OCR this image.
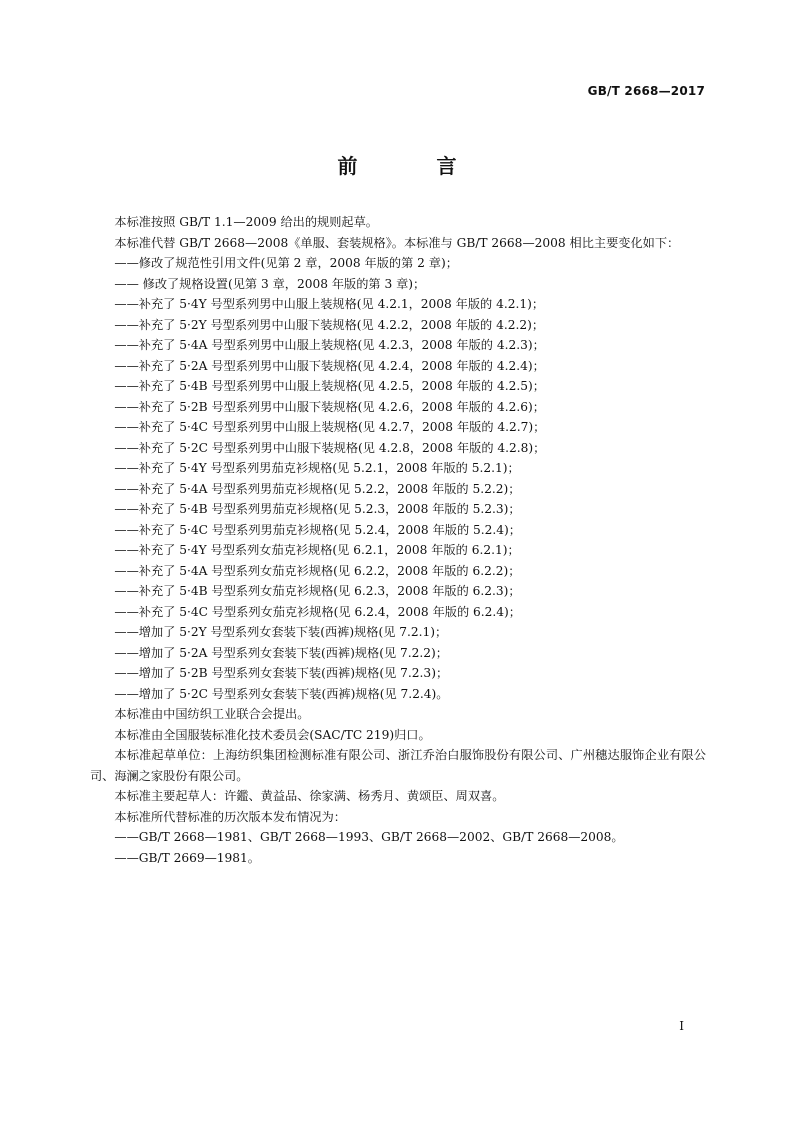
GB/T 2668—2017
前 言

本标准按照 GB/T 1.1—2009 给出的规则起草。

本标准代替 GB/T 2668—2008《单服、套装规格》。本标准与 GB/T 2668—2008 相比主要变化如下：

——修改了规范性引用文件(见第 2 章，2008 年版的第 2 章)；

—— 修改了规格设置(见第 3 章，2008 年版的第 3 章)；

——补充了 5·4Y 号型系列男中山服上装规格(见 4.2.1，2008 年版的 4.2.1)；

——补充了 5·2Y 号型系列男中山服下装规格(见 4.2.2，2008 年版的 4.2.2)；

——补充了 5·4A 号型系列男中山服上装规格(见 4.2.3，2008 年版的 4.2.3)；

——补充了 5·2A 号型系列男中山服下装规格(见 4.2.4，2008 年版的 4.2.4)；

——补充了 5·4B 号型系列男中山服上装规格(见 4.2.5，2008 年版的 4.2.5)；

——补充了 5·2B 号型系列男中山服下装规格(见 4.2.6，2008 年版的 4.2.6)；

——补充了 5·4C 号型系列男中山服上装规格(见 4.2.7，2008 年版的 4.2.7)；

——补充了 5·2C 号型系列男中山服下装规格(见 4.2.8，2008 年版的 4.2.8)；

——补充了 5·4Y 号型系列男茄克衫规格(见 5.2.1，2008 年版的 5.2.1)；

——补充了 5·4A 号型系列男茄克衫规格(见 5.2.2，2008 年版的 5.2.2)；

——补充了 5·4B 号型系列男茄克衫规格(见 5.2.3，2008 年版的 5.2.3)；

——补充了 5·4C 号型系列男茄克衫规格(见 5.2.4，2008 年版的 5.2.4)；

——补充了 5·4Y 号型系列女茄克衫规格(见 6.2.1，2008 年版的 6.2.1)；

——补充了 5·4A 号型系列女茄克衫规格(见 6.2.2，2008 年版的 6.2.2)；

——补充了 5·4B 号型系列女茄克衫规格(见 6.2.3，2008 年版的 6.2.3)；

——补充了 5·4C 号型系列女茄克衫规格(见 6.2.4，2008 年版的 6.2.4)；

——增加了 5·2Y 号型系列女套装下装(西裤)规格(见 7.2.1)；

——增加了 5·2A 号型系列女套装下装(西裤)规格(见 7.2.2)；

——增加了 5·2B 号型系列女套装下装(西裤)规格(见 7.2.3)；

——增加了 5·2C 号型系列女套装下装(西裤)规格(见 7.2.4)。

本标准由中国纺织工业联合会提出。

本标准由全国服装标准化技术委员会(SAC/TC 219)归口。

本标准起草单位：上海纺织集团检测标准有限公司、浙江乔治白服饰股份有限公司、广州穗达服饰企业有限公司、海澜之家股份有限公司。

本标准主要起草人：许鑑、黄益品、徐家满、杨秀月、黄颂臣、周双喜。

本标准所代替标准的历次版本发布情况为：

——GB/T 2668—1981、GB/T 2668—1993、GB/T 2668—2002、GB/T 2668—2008。

——GB/T 2669—1981。

I
